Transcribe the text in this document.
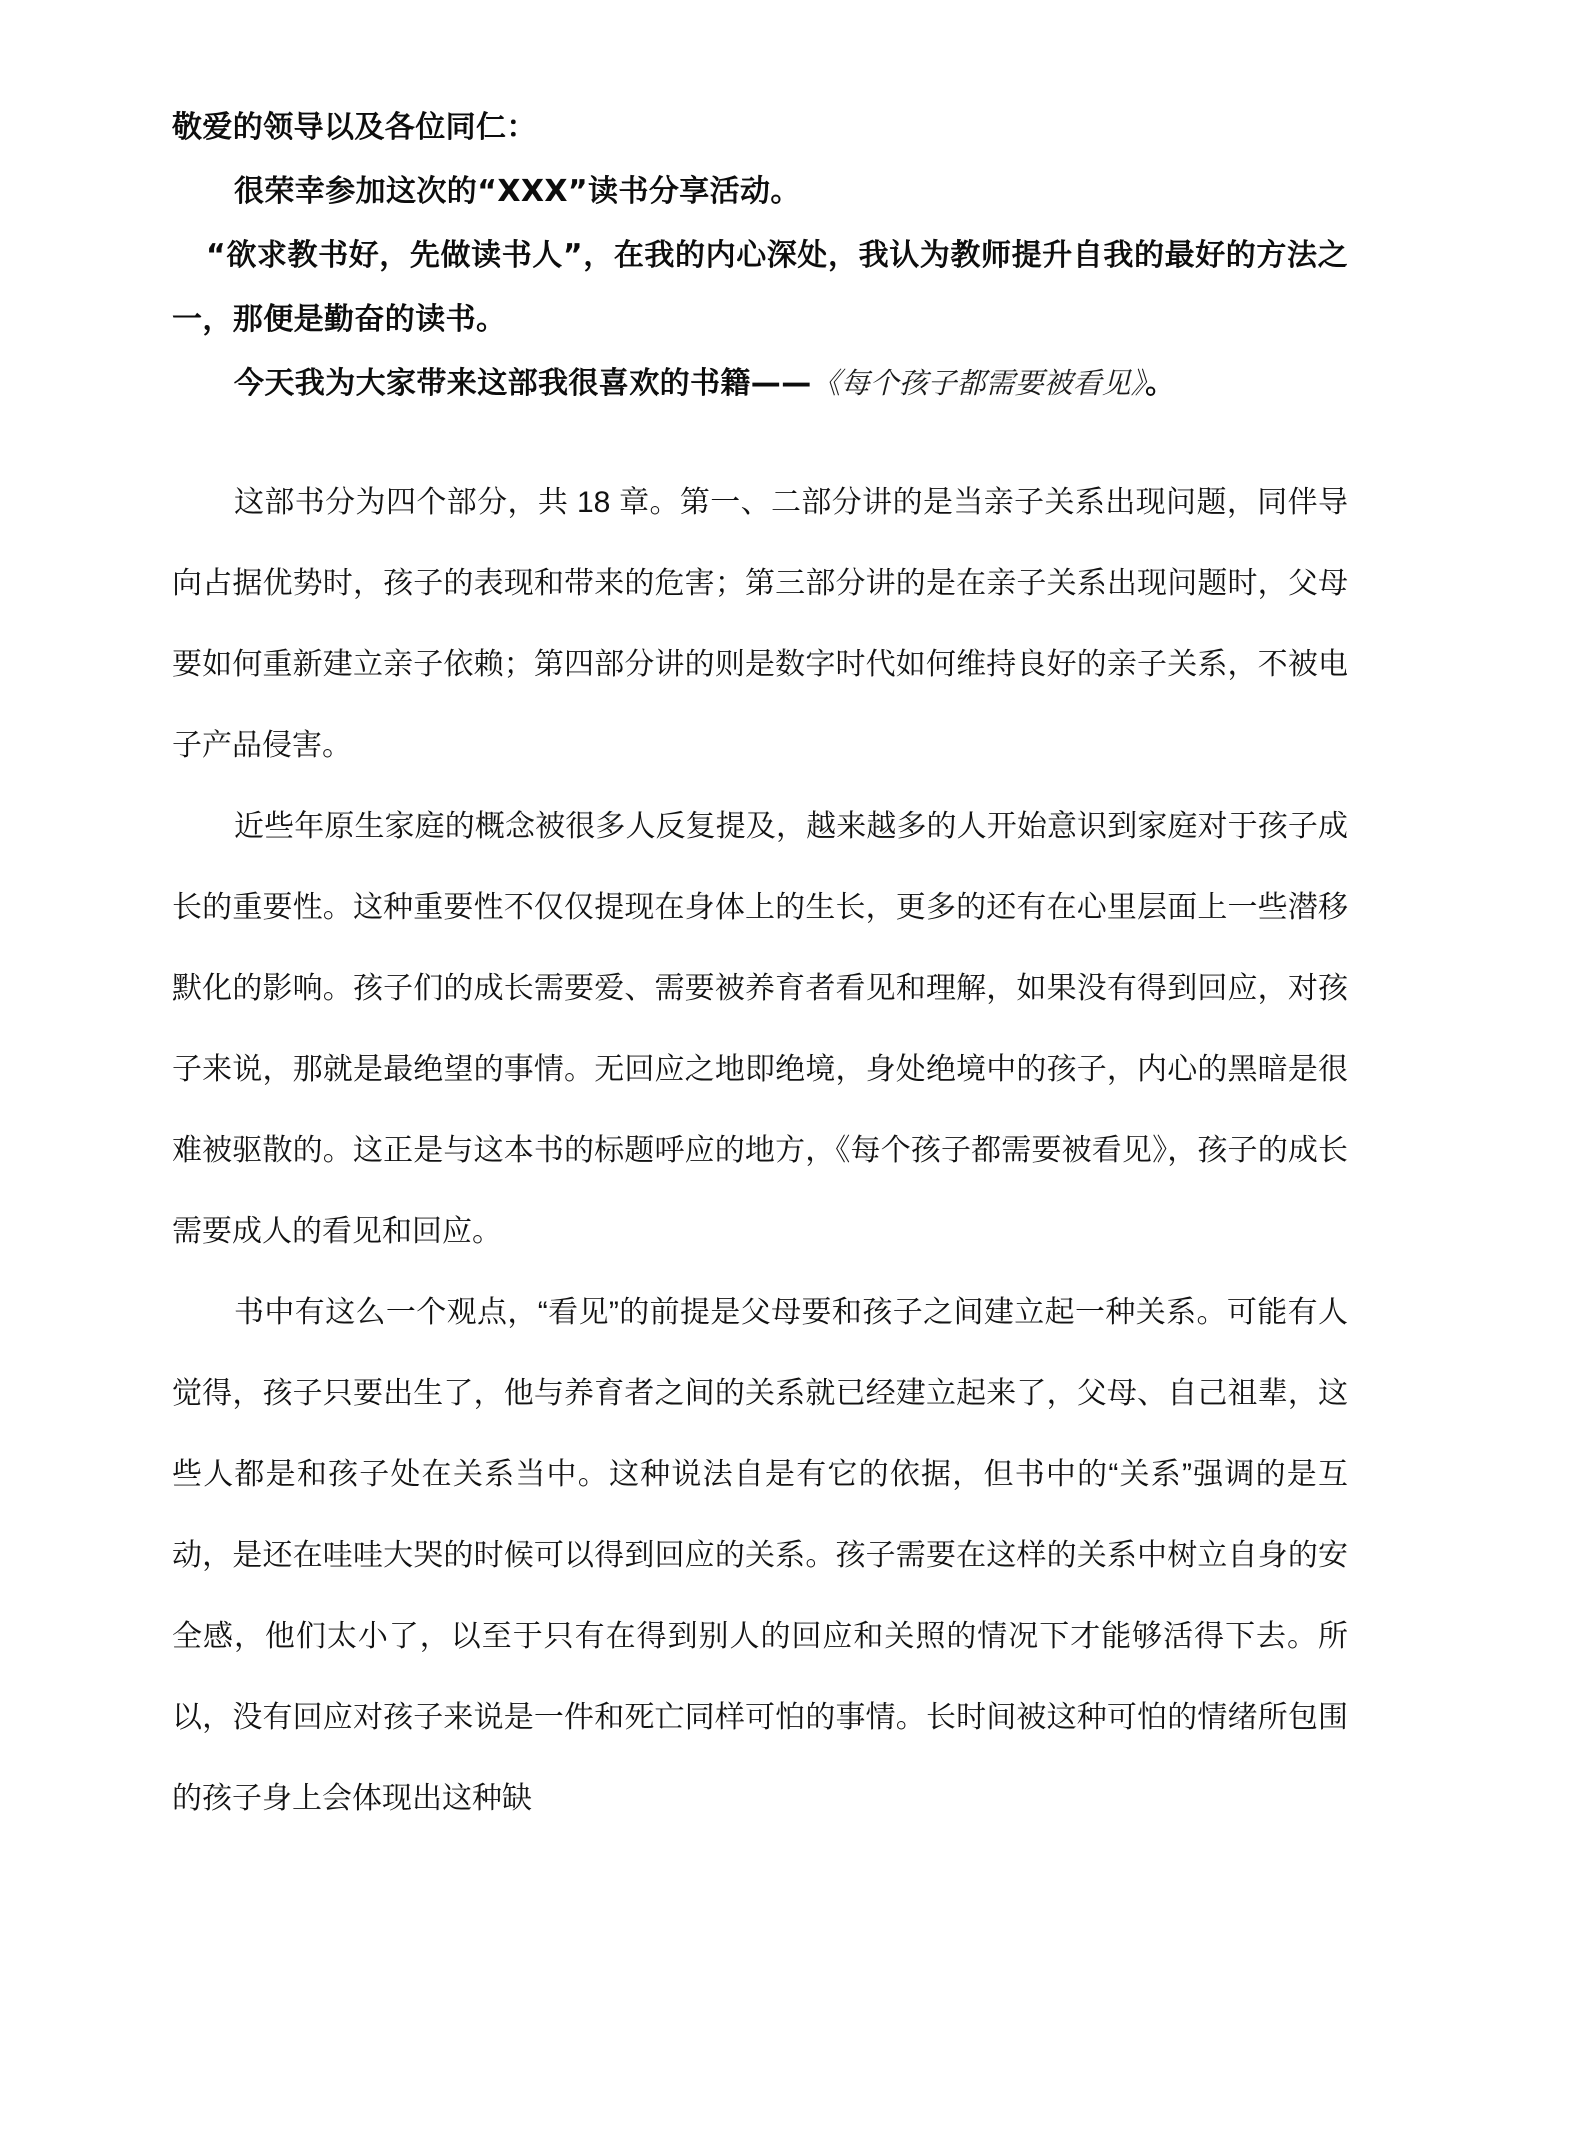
敬爱的领导以及各位同仁：

很荣幸参加这次的“XXX”读书分享活动。

“欲求教书好，先做读书人”，在我的内心深处，我认为教师提升自我的最好的方法之一，那便是勤奋的读书。

今天我为大家带来这部我很喜欢的书籍——《每个孩子都需要被看见》。

这部书分为四个部分，共 18 章。第一、二部分讲的是当亲子关系出现问题，同伴导向占据优势时，孩子的表现和带来的危害；第三部分讲的是在亲子关系出现问题时，父母要如何重新建立亲子依赖；第四部分讲的则是数字时代如何维持良好的亲子关系，不被电子产品侵害。

近些年原生家庭的概念被很多人反复提及，越来越多的人开始意识到家庭对于孩子成长的重要性。这种重要性不仅仅提现在身体上的生长，更多的还有在心里层面上一些潜移默化的影响。孩子们的成长需要爱、需要被养育者看见和理解，如果没有得到回应，对孩子来说，那就是最绝望的事情。无回应之地即绝境，身处绝境中的孩子，内心的黑暗是很难被驱散的。这正是与这本书的标题呼应的地方，《每个孩子都需要被看见》，孩子的成长需要成人的看见和回应。

书中有这么一个观点，“看见”的前提是父母要和孩子之间建立起一种关系。可能有人觉得，孩子只要出生了，他与养育者之间的关系就已经建立起来了，父母、自己祖辈，这些人都是和孩子处在关系当中。这种说法自是有它的依据，但书中的“关系”强调的是互动，是还在哇哇大哭的时候可以得到回应的关系。孩子需要在这样的关系中树立自身的安全感，他们太小了，以至于只有在得到别人的回应和关照的情况下才能够活得下去。所以，没有回应对孩子来说是一件和死亡同样可怕的事情。长时间被这种可怕的情绪所包围的孩子身上会体现出这种缺
